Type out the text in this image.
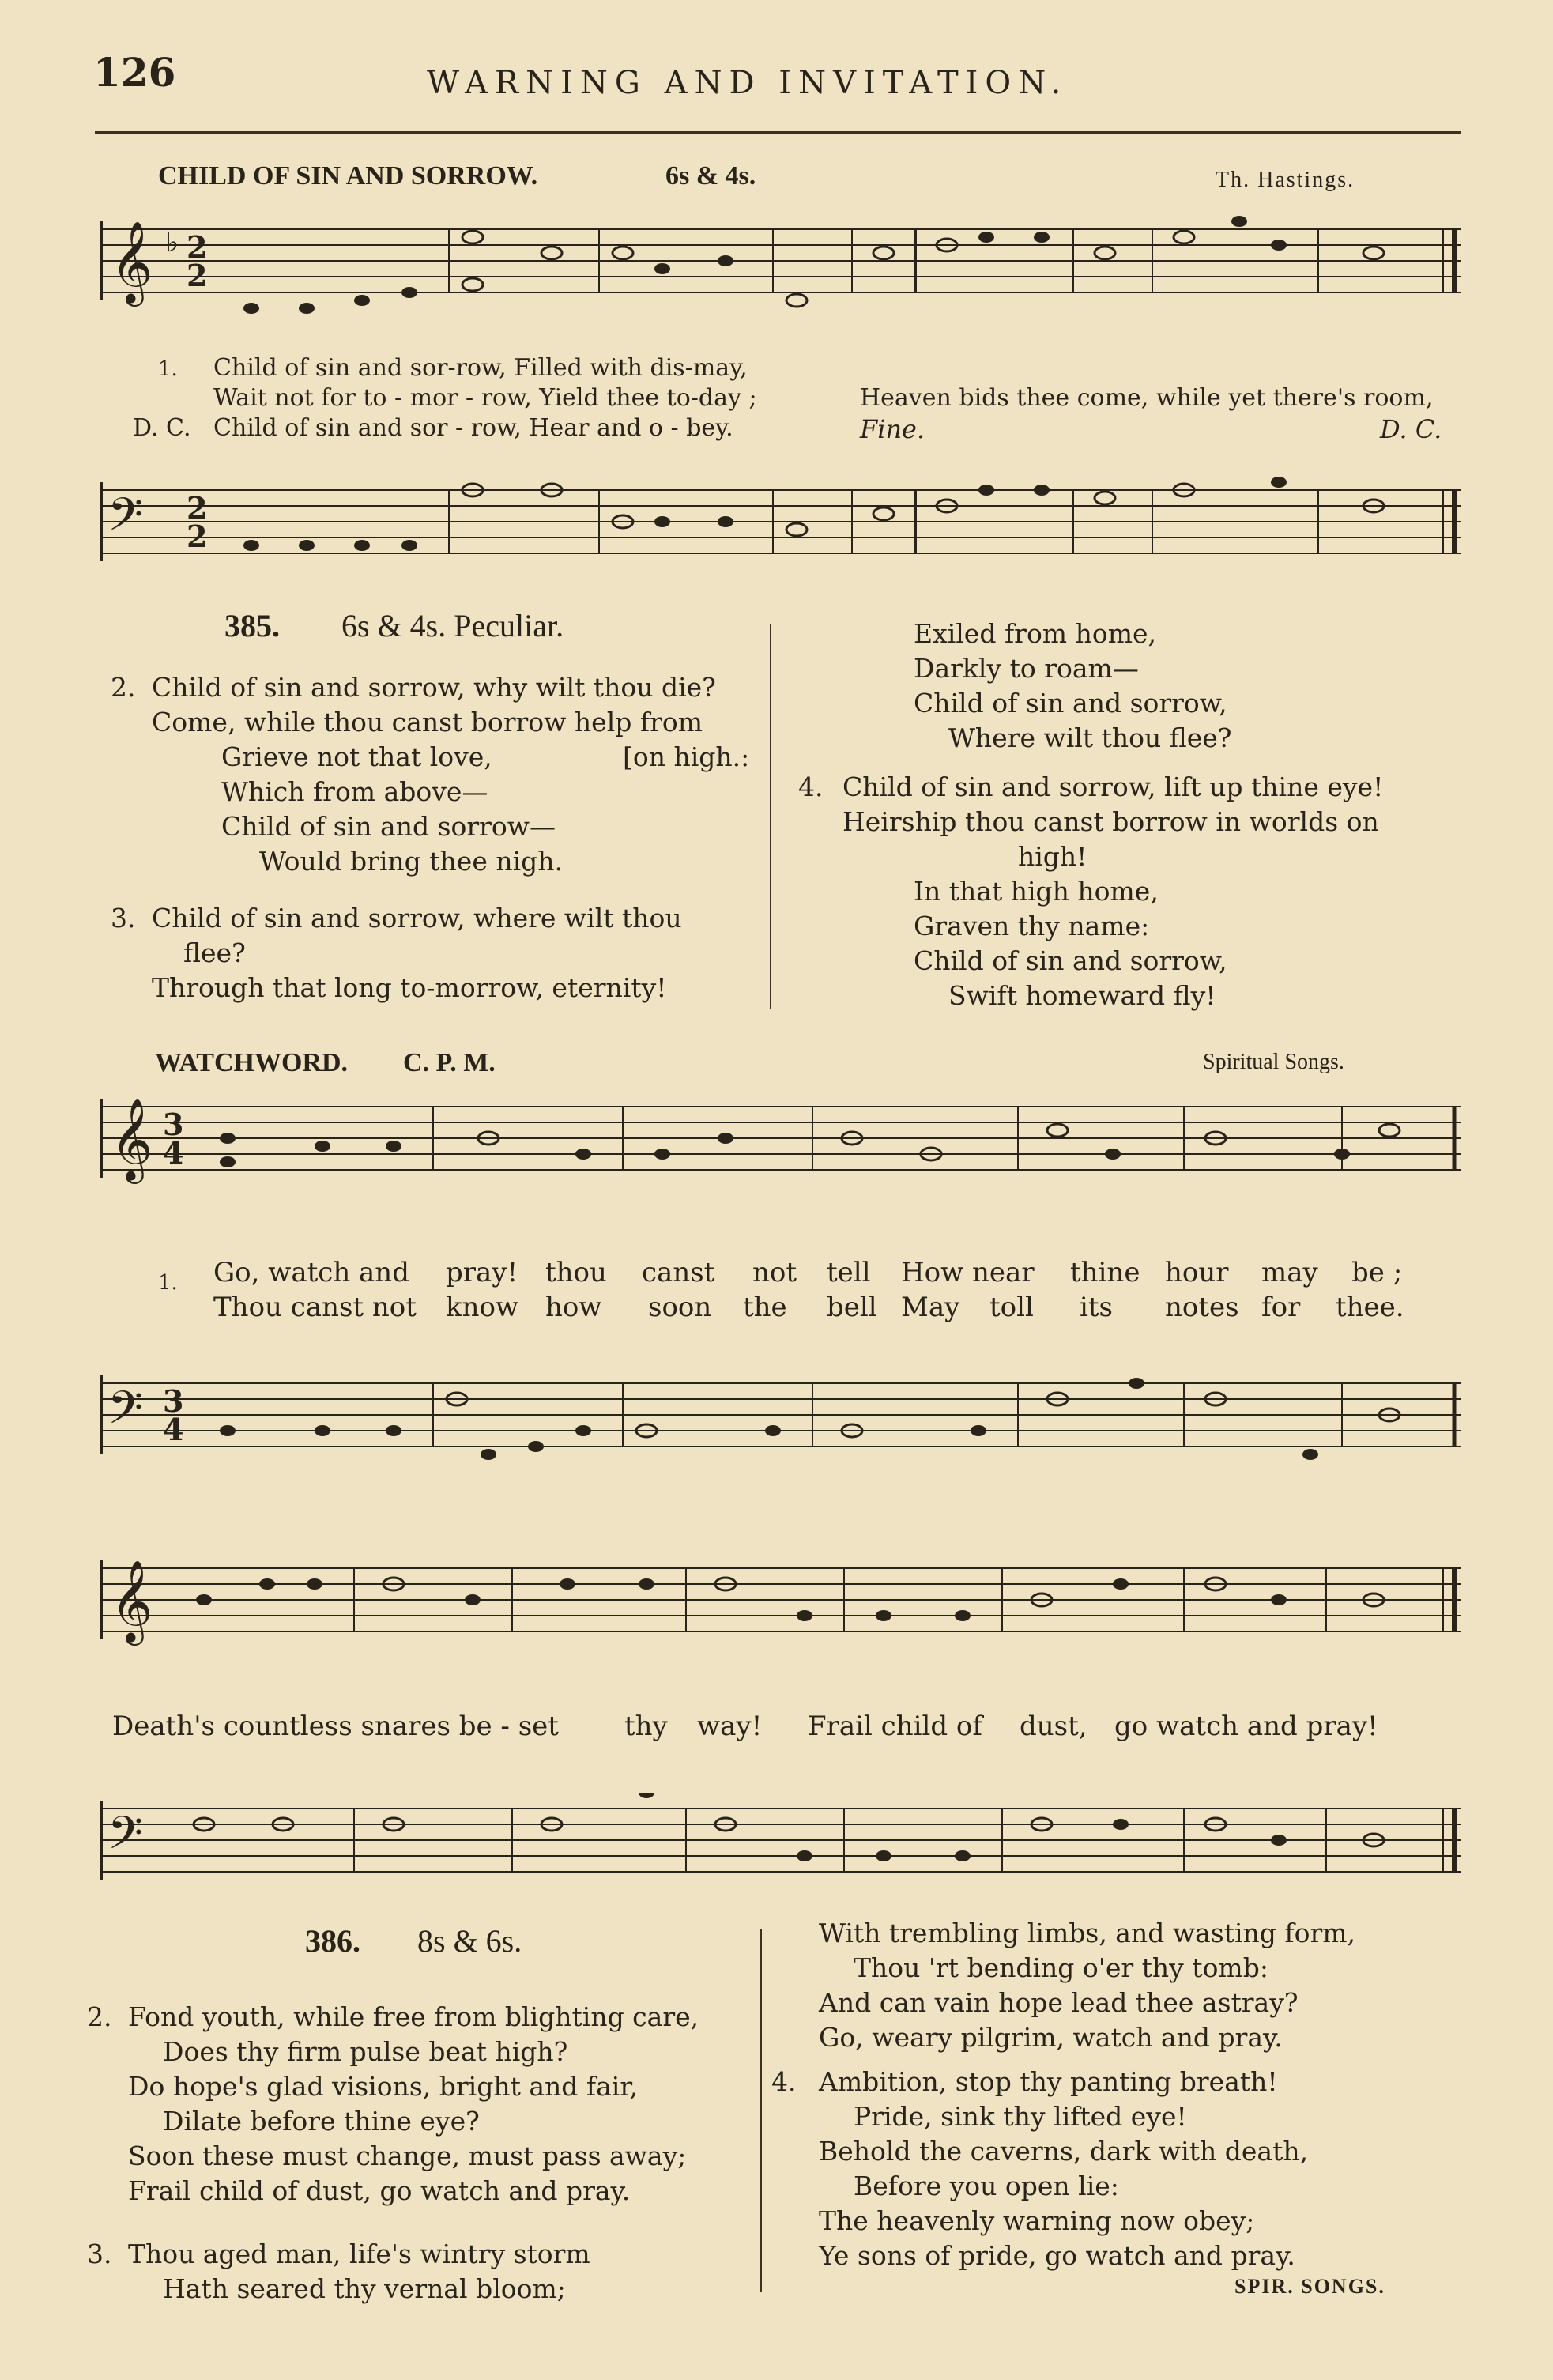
126	WARNING AND INVITATION.
CHILD OF SIN AND SORROW.	6s & 4s.	Th. Hastings.
𝄞 ♭ 2
2
1. Child of sin and sor-row, Filled with dis-may,
Wait not for to - mor - row, Yield thee to-day ;
D. C. Child of sin and sor - row, Hear and o - bey.
Heaven bids thee come, while yet there's room,
Fine.	D. C.
𝄢 2
2
385. 6s & 4s. Peculiar.
2. Child of sin and sorrow, why wilt thou die?
Come, while thou canst borrow help from
Grieve not that love,	[on high.:
Which from above—
Child of sin and sorrow—
Would bring thee nigh.
3. Child of sin and sorrow, where wilt thou
flee?
Through that long to-morrow, eternity!
Exiled from home,
Darkly to roam—
Child of sin and sorrow,
Where wilt thou flee?
4. Child of sin and sorrow, lift up thine eye!
Heirship thou canst borrow in worlds on
high!
In that high home,
Graven thy name:
Child of sin and sorrow,
Swift homeward fly!
WATCHWORD. C. P. M.	Spiritual Songs.
𝄞 3
4
1. Go, watch and pray! thou canst not tell How near thine hour may be ;
Thou canst not know how soon the bell May toll its notes for thee.
𝄢 3
4
𝄞
Death's countless snares be - set thy way! Frail child of dust, go watch and pray!
𝄢
386. 8s & 6s.
2. Fond youth, while free from blighting care,
Does thy firm pulse beat high?
Do hope's glad visions, bright and fair,
Dilate before thine eye?
Soon these must change, must pass away;
Frail child of dust, go watch and pray.
3. Thou aged man, life's wintry storm
Hath seared thy vernal bloom;
With trembling limbs, and wasting form,
Thou 'rt bending o'er thy tomb:
And can vain hope lead thee astray?
Go, weary pilgrim, watch and pray.
4. Ambition, stop thy panting breath!
Pride, sink thy lifted eye!
Behold the caverns, dark with death,
Before you open lie:
The heavenly warning now obey;
Ye sons of pride, go watch and pray.
SPIR. SONGS.
